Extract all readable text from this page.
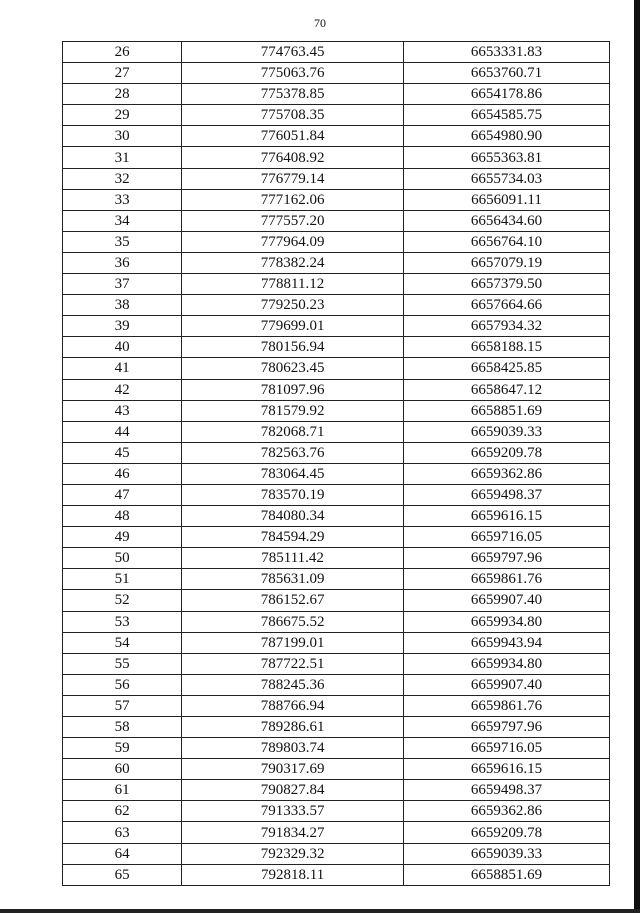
70
26	774763.45	6653331.83
27	775063.76	6653760.71
28	775378.85	6654178.86
29	775708.35	6654585.75
30	776051.84	6654980.90
31	776408.92	6655363.81
32	776779.14	6655734.03
33	777162.06	6656091.11
34	777557.20	6656434.60
35	777964.09	6656764.10
36	778382.24	6657079.19
37	778811.12	6657379.50
38	779250.23	6657664.66
39	779699.01	6657934.32
40	780156.94	6658188.15
41	780623.45	6658425.85
42	781097.96	6658647.12
43	781579.92	6658851.69
44	782068.71	6659039.33
45	782563.76	6659209.78
46	783064.45	6659362.86
47	783570.19	6659498.37
48	784080.34	6659616.15
49	784594.29	6659716.05
50	785111.42	6659797.96
51	785631.09	6659861.76
52	786152.67	6659907.40
53	786675.52	6659934.80
54	787199.01	6659943.94
55	787722.51	6659934.80
56	788245.36	6659907.40
57	788766.94	6659861.76
58	789286.61	6659797.96
59	789803.74	6659716.05
60	790317.69	6659616.15
61	790827.84	6659498.37
62	791333.57	6659362.86
63	791834.27	6659209.78
64	792329.32	6659039.33
65	792818.11	6658851.69
